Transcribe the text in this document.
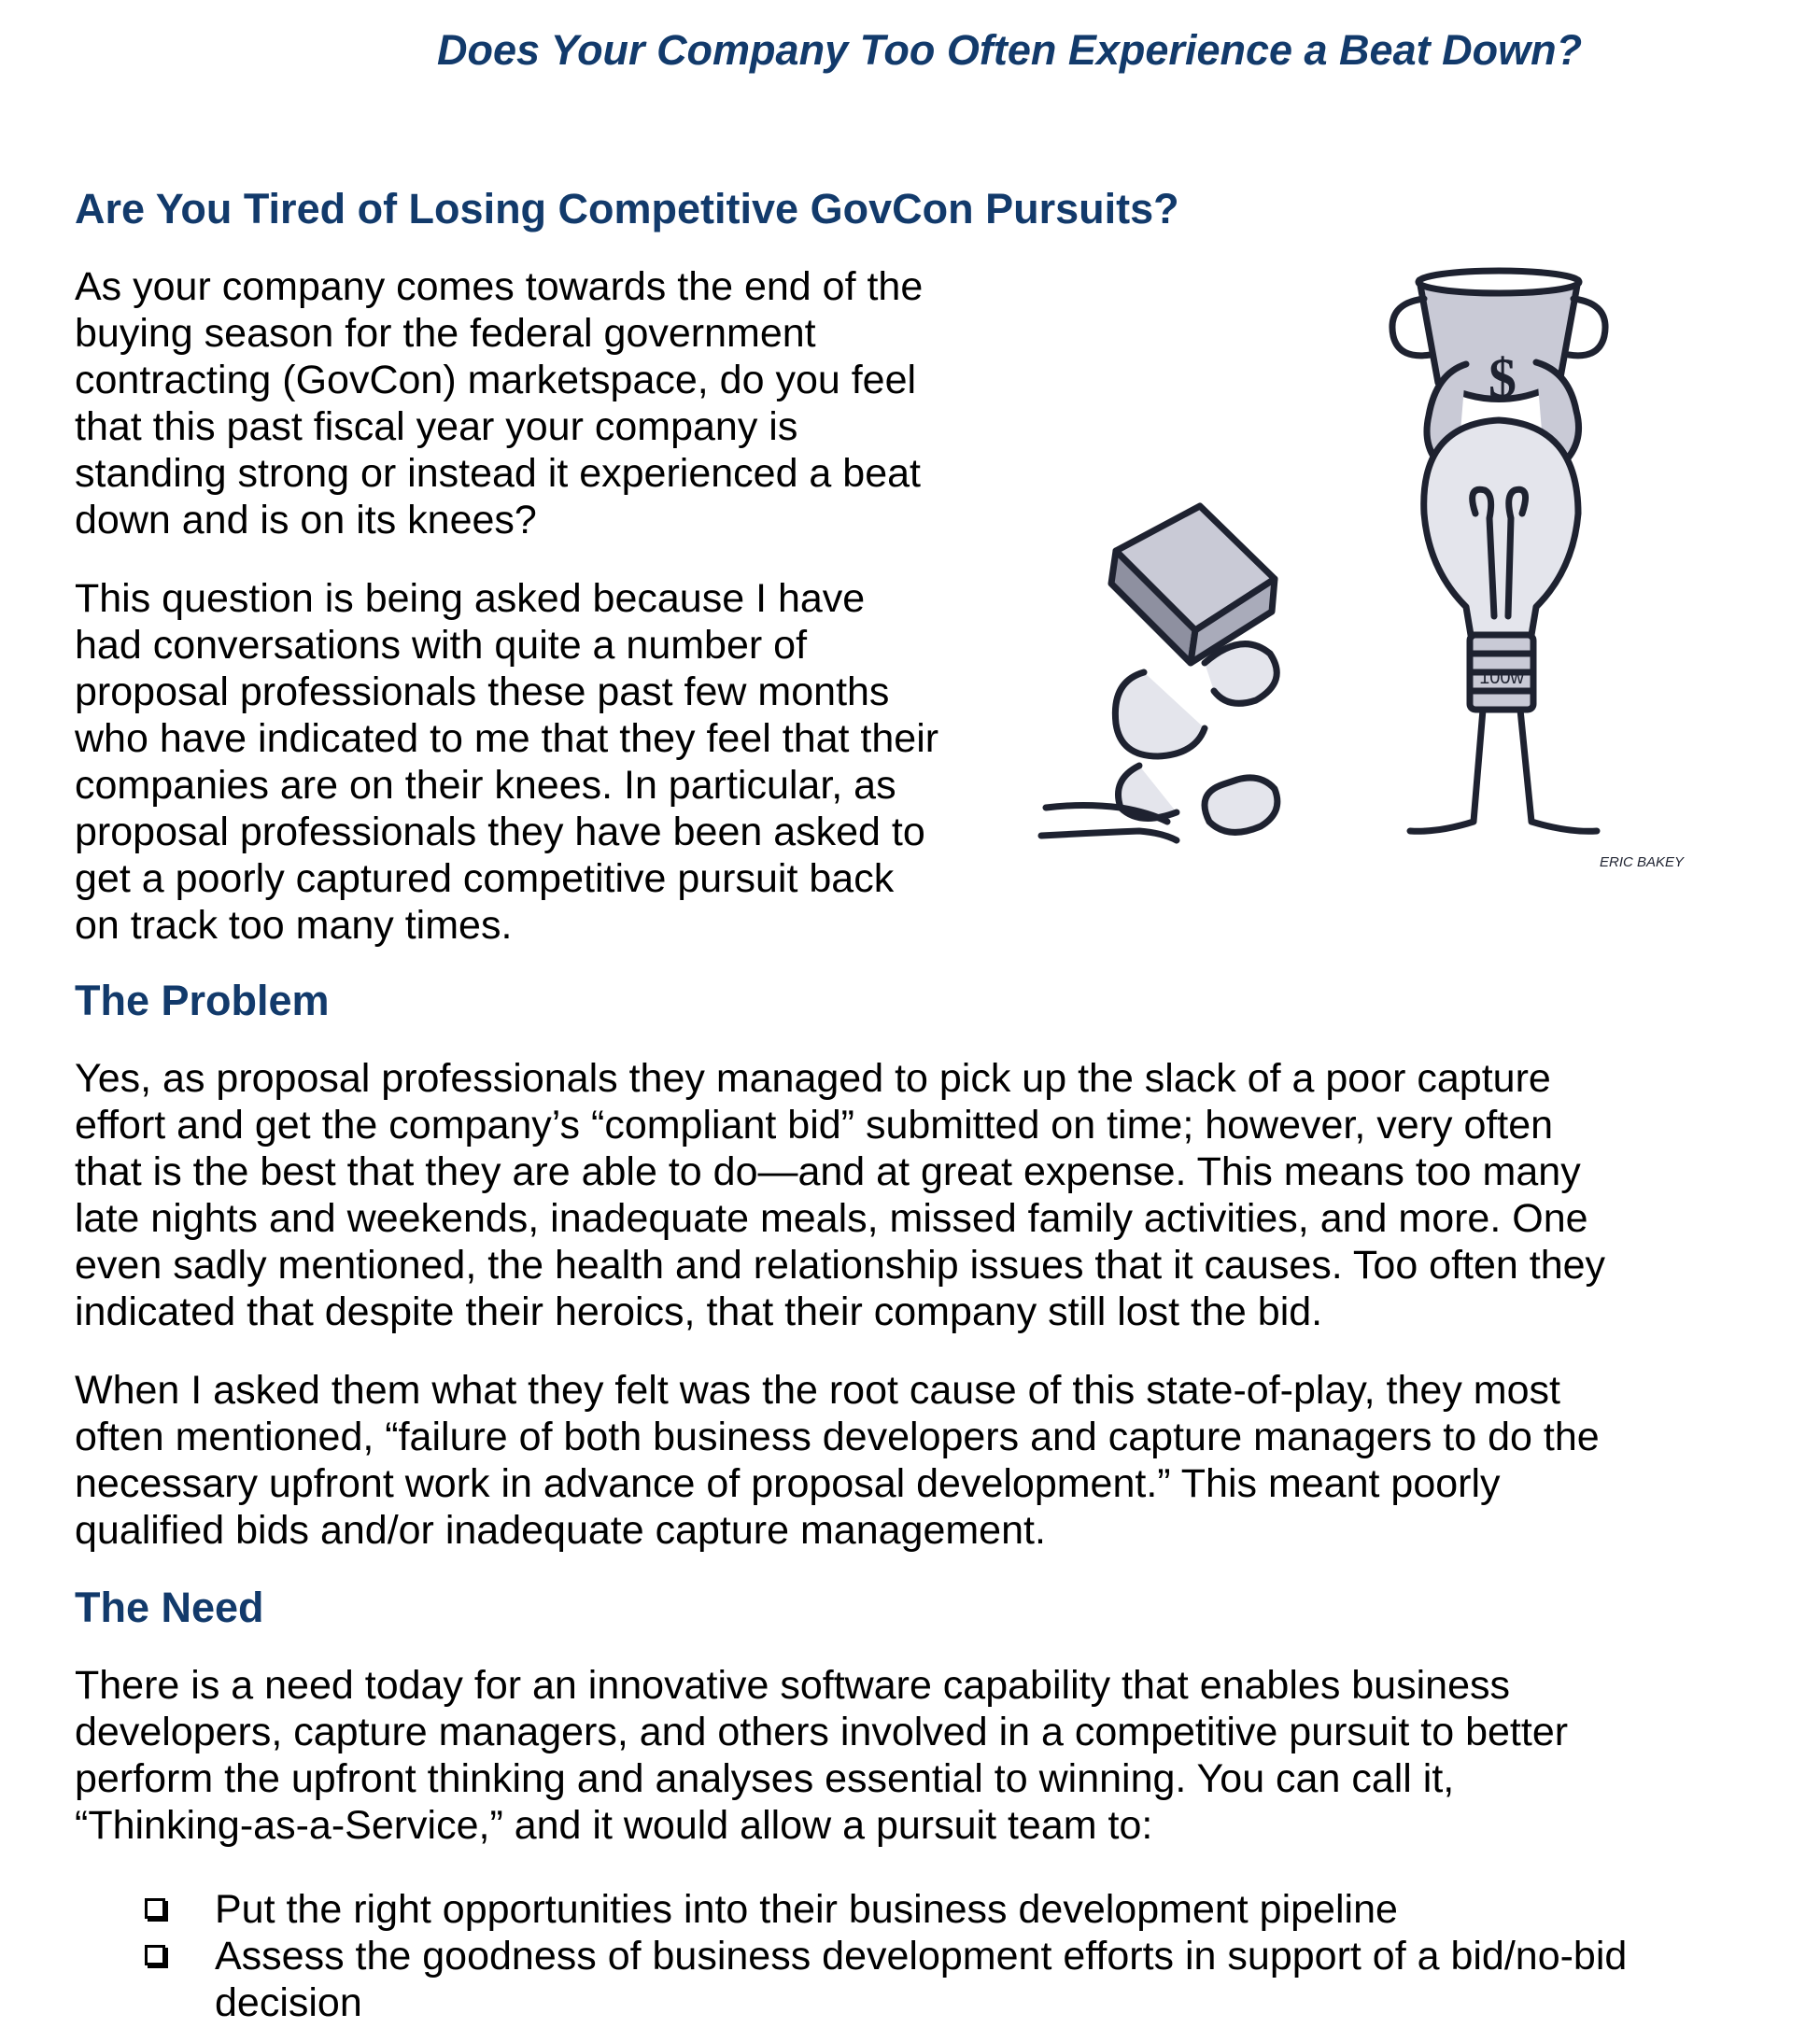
Does Your Company Too Often Experience a Beat Down?
Are You Tired of Losing Competitive GovCon Pursuits?
As your company comes towards the end of the
buying season for the federal government
contracting (GovCon) marketspace, do you feel
that this past fiscal year your company is
standing strong or instead it experienced a beat
down and is on its knees?
This question is being asked because I have
had conversations with quite a number of
proposal professionals these past few months
who have indicated to me that they feel that their
companies are on their knees. In particular, as
proposal professionals they have been asked to
get a poorly captured competitive pursuit back
on track too many times.
$
100w
ERIC BAKEY
The Problem
Yes, as proposal professionals they managed to pick up the slack of a poor capture
effort and get the company’s “compliant bid” submitted on time; however, very often
that is the best that they are able to do—and at great expense. This means too many
late nights and weekends, inadequate meals, missed family activities, and more. One
even sadly mentioned, the health and relationship issues that it causes. Too often they
indicated that despite their heroics, that their company still lost the bid.
When I asked them what they felt was the root cause of this state-of-play, they most
often mentioned, “failure of both business developers and capture managers to do the
necessary upfront work in advance of proposal development.” This meant poorly
qualified bids and/or inadequate capture management.
The Need
There is a need today for an innovative software capability that enables business
developers, capture managers, and others involved in a competitive pursuit to better
perform the upfront thinking and analyses essential to winning. You can call it,
“Thinking-as-a-Service,” and it would allow a pursuit team to:
Put the right opportunities into their business development pipeline
Assess the goodness of business development efforts in support of a bid/no-bid
decision
